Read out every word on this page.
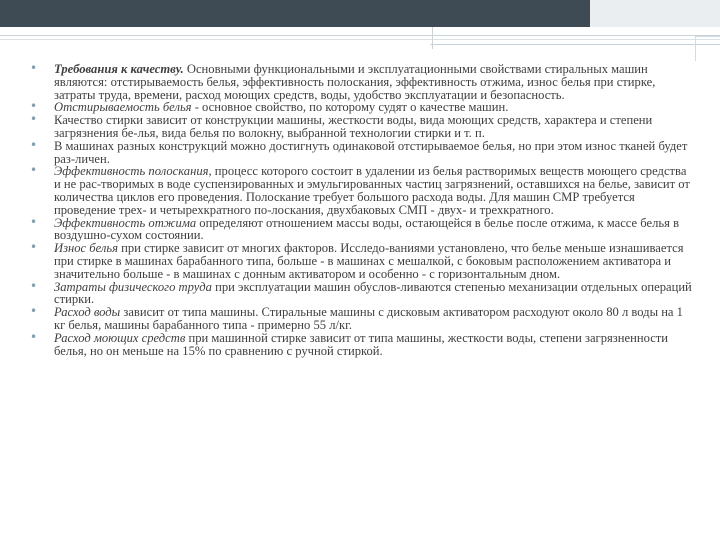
• Требования к качеству. Основными функциональными и эксплуатационными свойствами стиральных машин являются: отстирываемость белья, эффективность полоскания, эффективность отжима, износ белья при стирке, затраты труда, времени, расход моющих средств, воды, удобство эксплуатации и безопасность.
• Отстирываемость белья - основное свойство, по которому судят о качестве машин.
• Качество стирки зависит от конструкции машины, жесткости воды, вида моющих средств, характера и степени загрязнения бе-лья, вида белья по волокну, выбранной технологии стирки и т. п.
• В машинах разных конструкций можно достигнуть одинаковой отстирываемое белья, но при этом износ тканей будет раз-личен.
• Эффективность полоскания, процесс которого состоит в удалении из белья растворимых веществ моющего средства и не рас-творимых в воде суспензированных и эмульгированных частиц загрязнений, оставшихся на белье, зависит от количества циклов его проведения. Полоскание требует большого расхода воды. Для машин СМР требуется проведение трех- и четырехкратного по-лоскания, двухбаковых СМП - двух- и трехкратного.
• Эффективность отжима определяют отношением массы воды, остающейся в белье после отжима, к массе белья в воздушно-сухом состоянии.
• Износ белья при стирке зависит от многих факторов. Исследо-ваниями установлено, что белье меньше изнашивается при стирке в машинах барабанного типа, больше - в машинах с мешалкой, с боковым расположением активатора и значительно больше - в машинах с донным активатором и особенно - с горизонтальным дном.
• Затраты физического труда при эксплуатации машин обуслов-ливаются степенью механизации отдельных операций стирки.
• Расход воды зависит от типа машины. Стиральные машины с дисковым активатором расходуют около 80 л воды на 1 кг белья, машины барабанного типа - примерно 55 л/кг.
• Расход моющих средств при машинной стирке зависит от типа машины, жесткости воды, степени загрязненности белья, но он меньше на 15% по сравнению с ручной стиркой.
